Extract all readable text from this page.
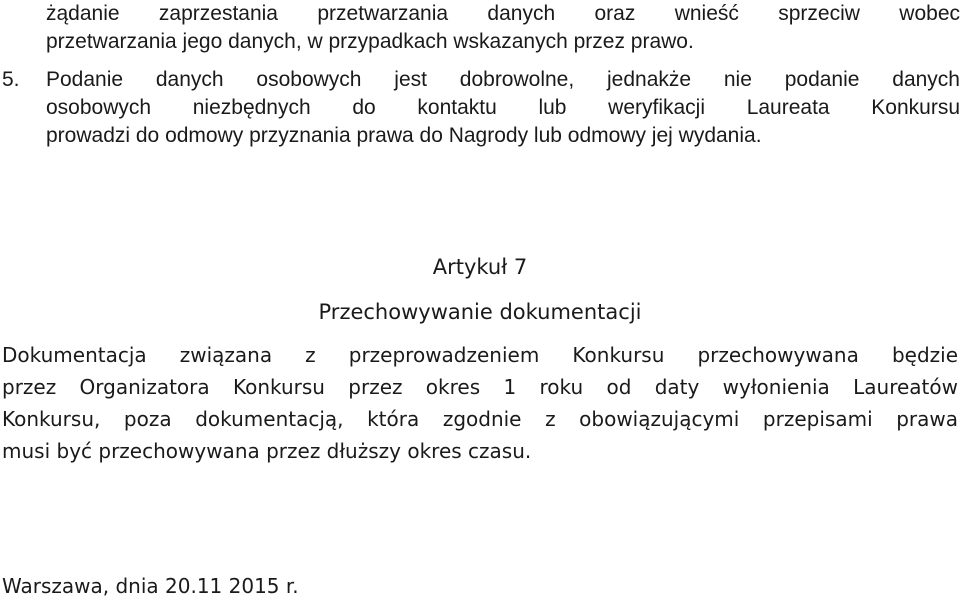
żądanie zaprzestania przetwarzania danych oraz wnieść sprzeciw wobec
przetwarzania jego danych, w przypadkach wskazanych przez prawo.
5. Podanie danych osobowych jest dobrowolne, jednakże nie podanie danych
osobowych niezbędnych do kontaktu lub weryfikacji Laureata Konkursu
prowadzi do odmowy przyznania prawa do Nagrody lub odmowy jej wydania.
Artykuł 7
Przechowywanie dokumentacji
Dokumentacja związana z przeprowadzeniem Konkursu przechowywana będzie
przez Organizatora Konkursu przez okres 1 roku od daty wyłonienia Laureatów
Konkursu, poza dokumentacją, która zgodnie z obowiązującymi przepisami prawa
musi być przechowywana przez dłuższy okres czasu.
Warszawa, dnia 20.11 2015 r.
